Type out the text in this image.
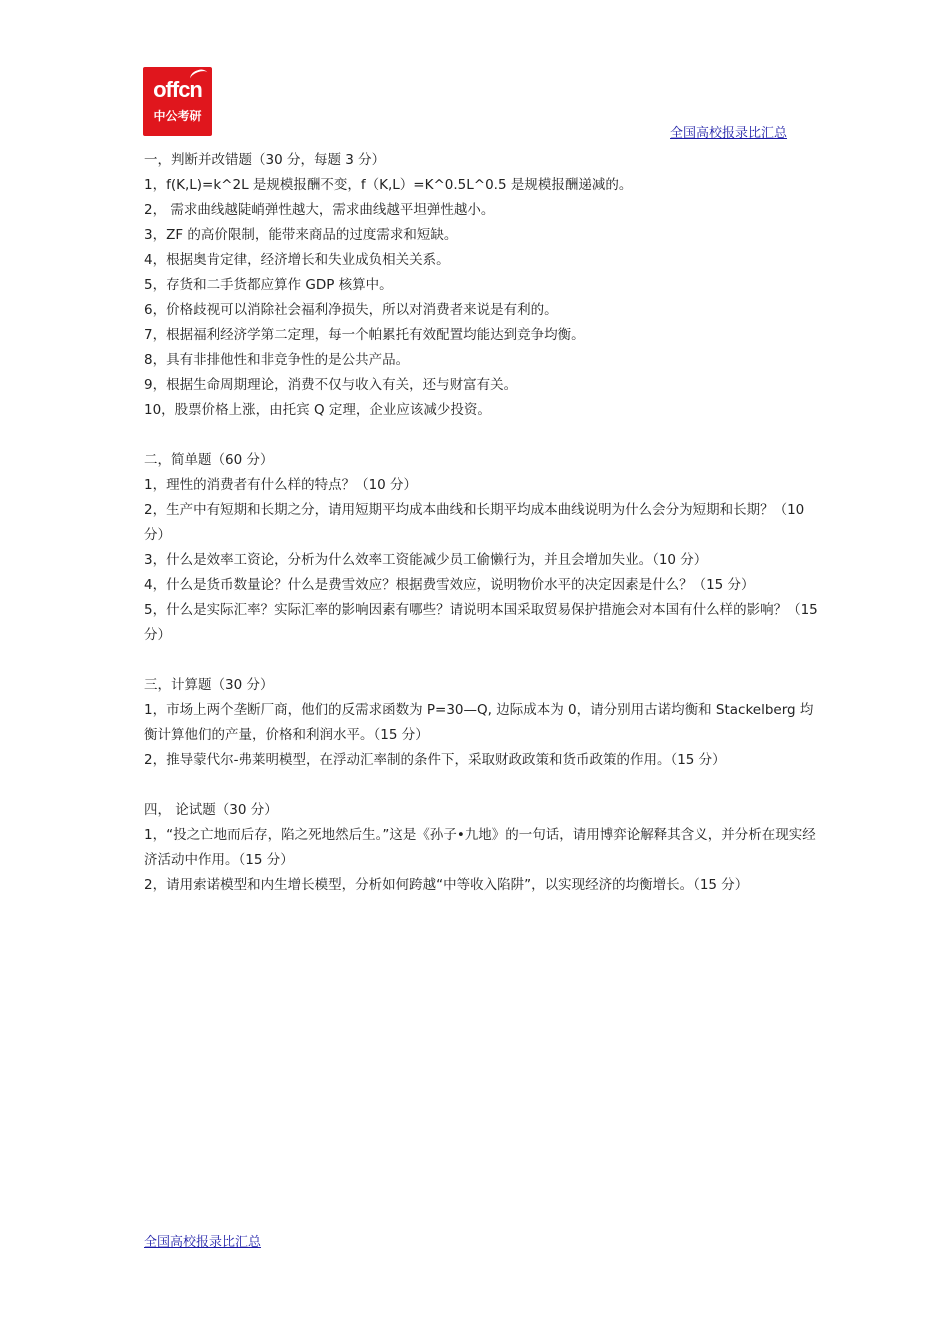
offcn
中公考研
全国高校报录比汇总

一，判断并改错题（30 分，每题 3 分）

1，f(K,L)=k^2L 是规模报酬不变，f（K,L）=K^0.5L^0.5 是规模报酬递减的。

2， 需求曲线越陡峭弹性越大，需求曲线越平坦弹性越小。

3，ZF 的高价限制，能带来商品的过度需求和短缺。

4，根据奥肯定律，经济增长和失业成负相关关系。

5，存货和二手货都应算作 GDP 核算中。

6，价格歧视可以消除社会福利净损失，所以对消费者来说是有利的。

7，根据福利经济学第二定理，每一个帕累托有效配置均能达到竞争均衡。

8，具有非排他性和非竞争性的是公共产品。

9，根据生命周期理论，消费不仅与收入有关，还与财富有关。

10，股票价格上涨，由托宾 Q 定理，企业应该减少投资。

二，简单题（60 分）

1，理性的消费者有什么样的特点？（10 分）

2，生产中有短期和长期之分，请用短期平均成本曲线和长期平均成本曲线说明为什么会分为短期和长期？（10 分）

3，什么是效率工资论，分析为什么效率工资能减少员工偷懒行为，并且会增加失业。（10 分）

4，什么是货币数量论？什么是费雪效应？根据费雪效应，说明物价水平的决定因素是什么？（15 分）

5，什么是实际汇率？实际汇率的影响因素有哪些？请说明本国采取贸易保护措施会对本国有什么样的影响？（15 分）

三，计算题（30 分）

1，市场上两个垄断厂商，他们的反需求函数为 P=30—Q, 边际成本为 0，请分别用古诺均衡和 Stackelberg 均衡计算他们的产量，价格和利润水平。（15 分）

2，推导蒙代尔-弗莱明模型，在浮动汇率制的条件下，采取财政政策和货币政策的作用。（15 分）

四， 论试题（30 分）

1，“投之亡地而后存，陷之死地然后生。”这是《孙子•九地》的一句话，请用博弈论解释其含义，并分析在现实经济活动中作用。（15 分）

2，请用索诺模型和内生增长模型，分析如何跨越“中等收入陷阱”，以实现经济的均衡增长。（15 分）

全国高校报录比汇总
